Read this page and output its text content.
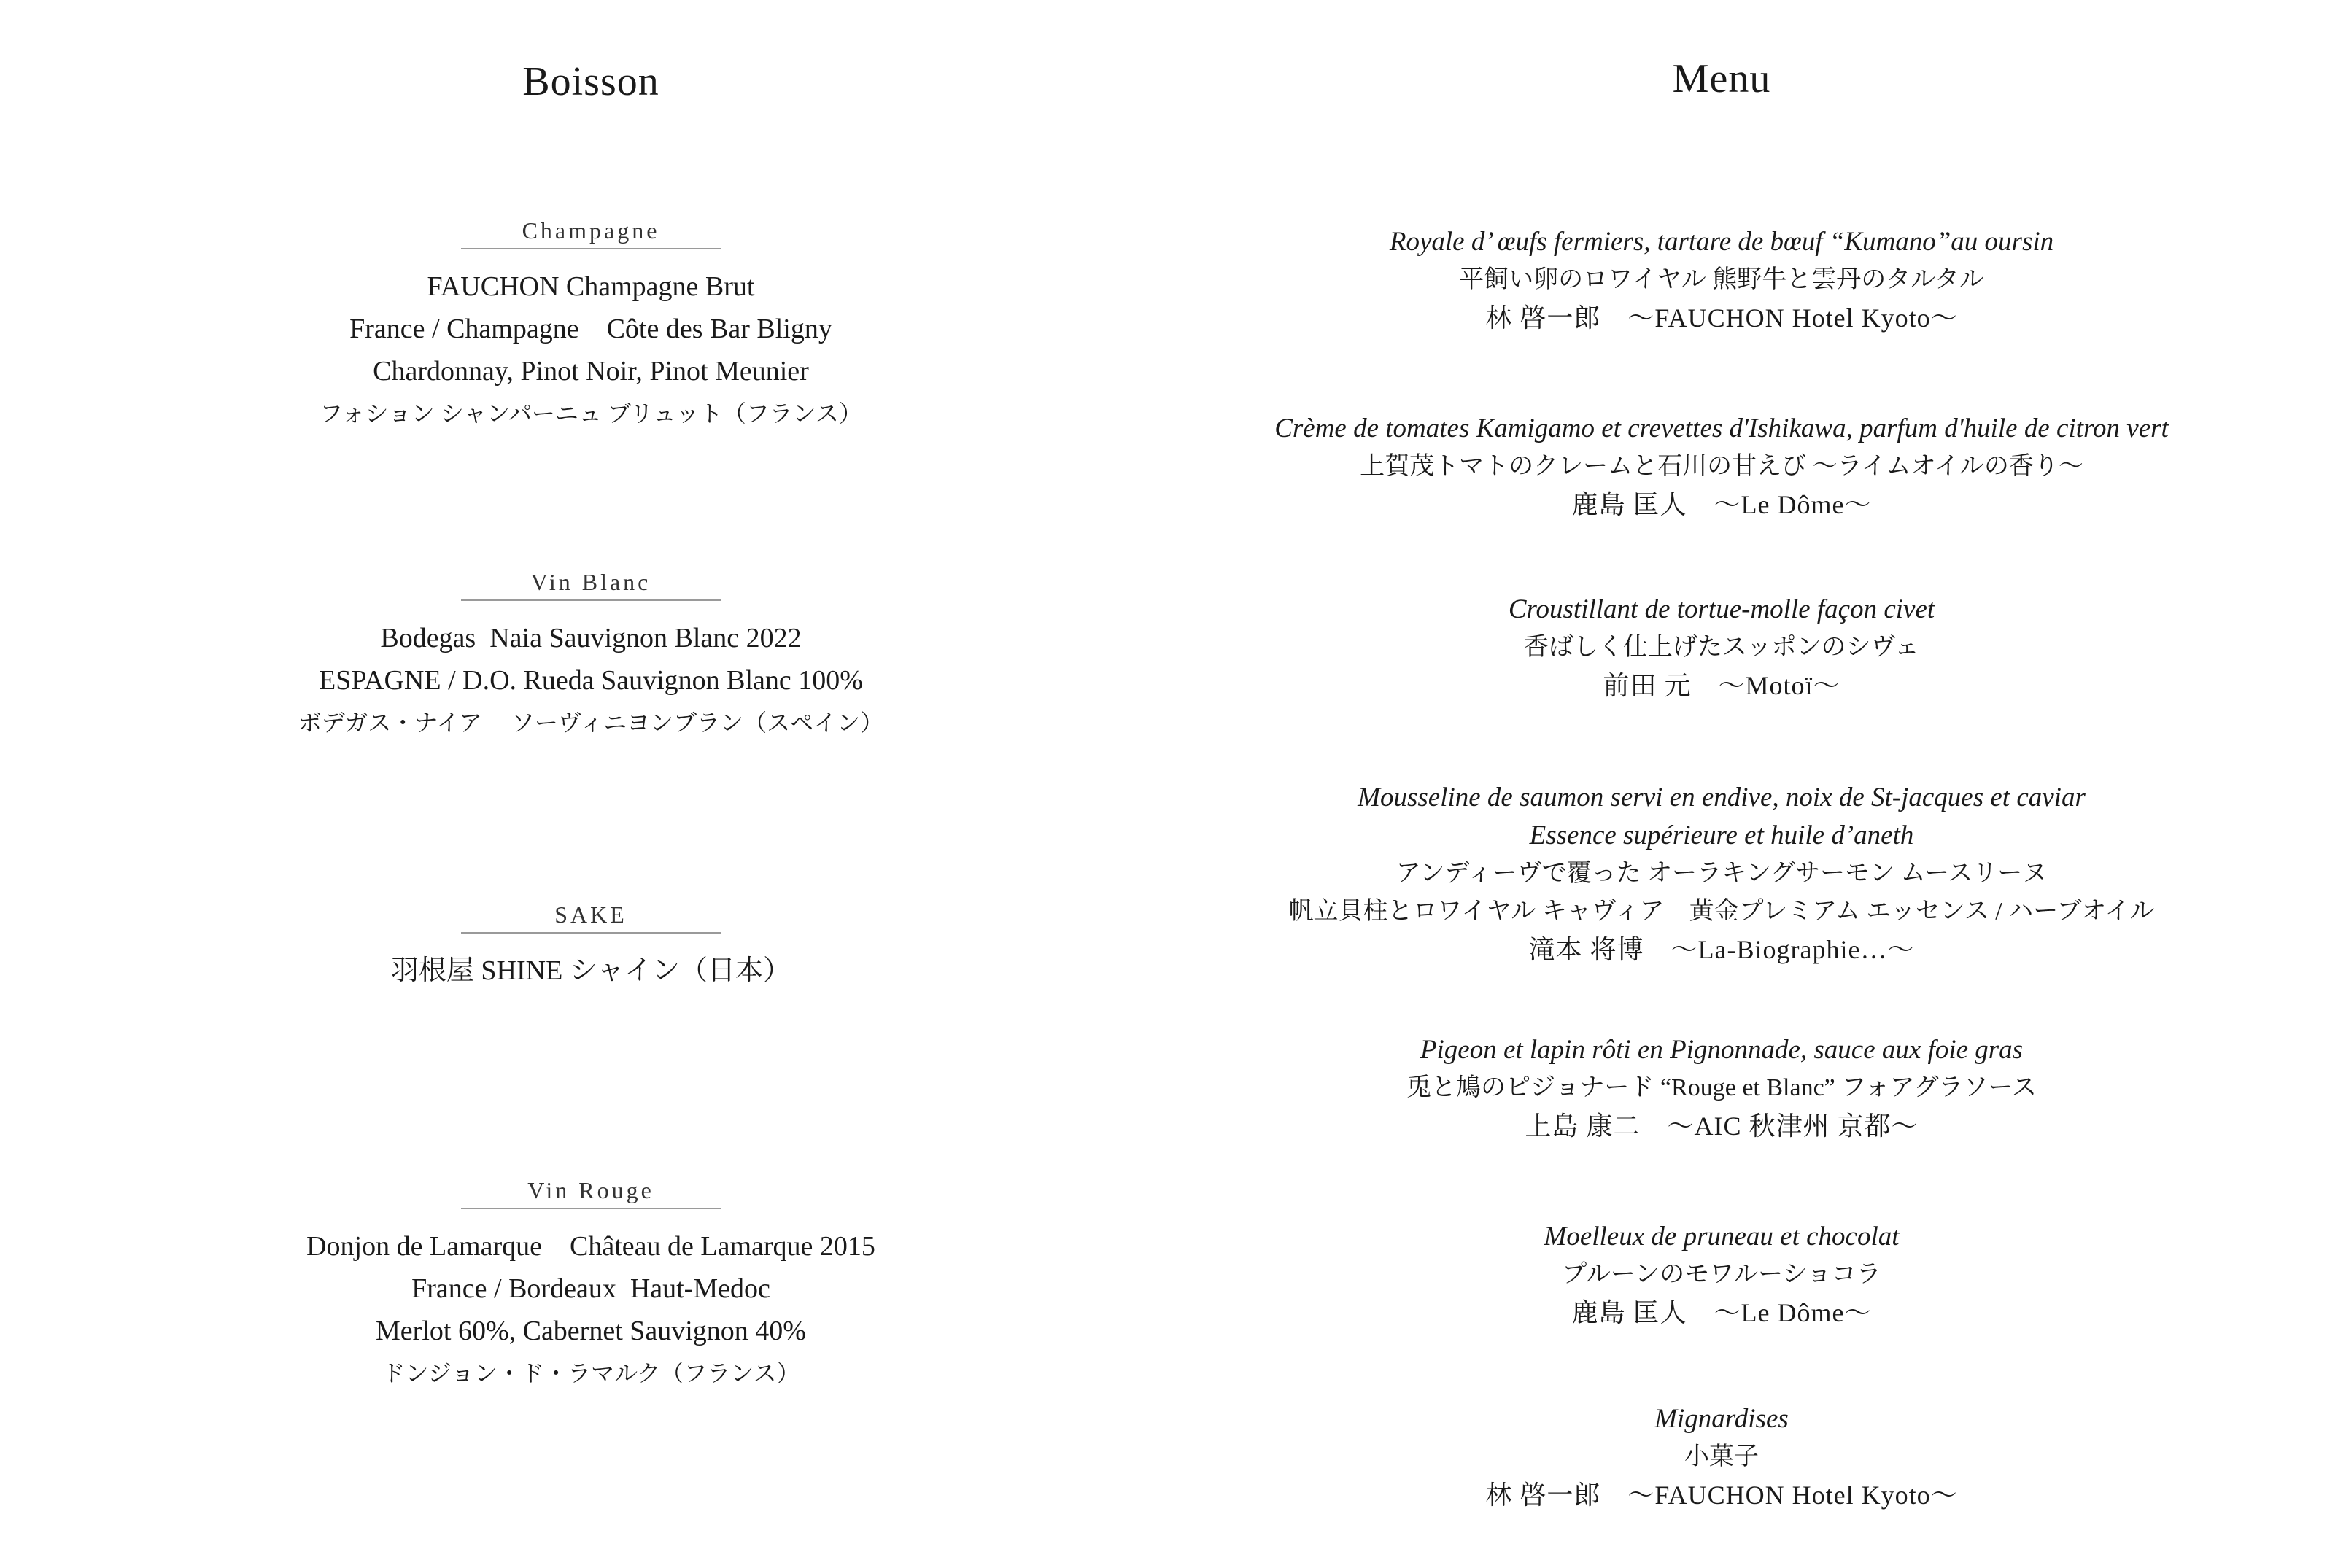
Boisson
Champagne
FAUCHON Champagne Brut
France / Champagne Côte des Bar Bligny
Chardonnay, Pinot Noir, Pinot Meunier
フォション シャンパーニュ ブリュット（フランス）
Vin Blanc
Bodegas Naia Sauvignon Blanc 2022
ESPAGNE / D.O. Rueda Sauvignon Blanc 100%
ボデガス・ナイア　 ソーヴィニヨンブラン（スペイン）
SAKE
羽根屋 SHINE シャイン（日本）
Vin Rouge
Donjon de Lamarque Château de Lamarque 2015
France / Bordeaux Haut-Medoc
Merlot 60%, Cabernet Sauvignon 40%
ドンジョン・ド・ラマルク（フランス）
Menu
Royale d’ œufs fermiers, tartare de bœuf “Kumano”au oursin
平飼い卵のロワイヤル 熊野牛と雲丹のタルタル
林 啓一郎　～FAUCHON Hotel Kyoto～
Crème de tomates Kamigamo et crevettes d'Ishikawa, parfum d'huile de citron vert
上賀茂トマトのクレームと石川の甘えび ～ライムオイルの香り～
鹿島 匡人　～Le Dôme～
Croustillant de tortue-molle façon civet
香ばしく仕上げたスッポンのシヴェ
前田 元　～Motoï～
Mousseline de saumon servi en endive, noix de St-jacques et caviar
Essence supérieure et huile d’aneth
アンディーヴで覆った オーラキングサーモン ムースリーヌ
帆立貝柱とロワイヤル キャヴィア　黄金プレミアム エッセンス / ハーブオイル
滝本 将博　～La-Biographie…～
Pigeon et lapin rôti en Pignonnade, sauce aux foie gras
兎と鳩のピジョナード “Rouge et Blanc” フォアグラソース
上島 康二　～AIC 秋津州 京都～
Moelleux de pruneau et chocolat
プルーンのモワルーショコラ
鹿島 匡人　～Le Dôme～
Mignardises
小菓子
林 啓一郎　～FAUCHON Hotel Kyoto～
